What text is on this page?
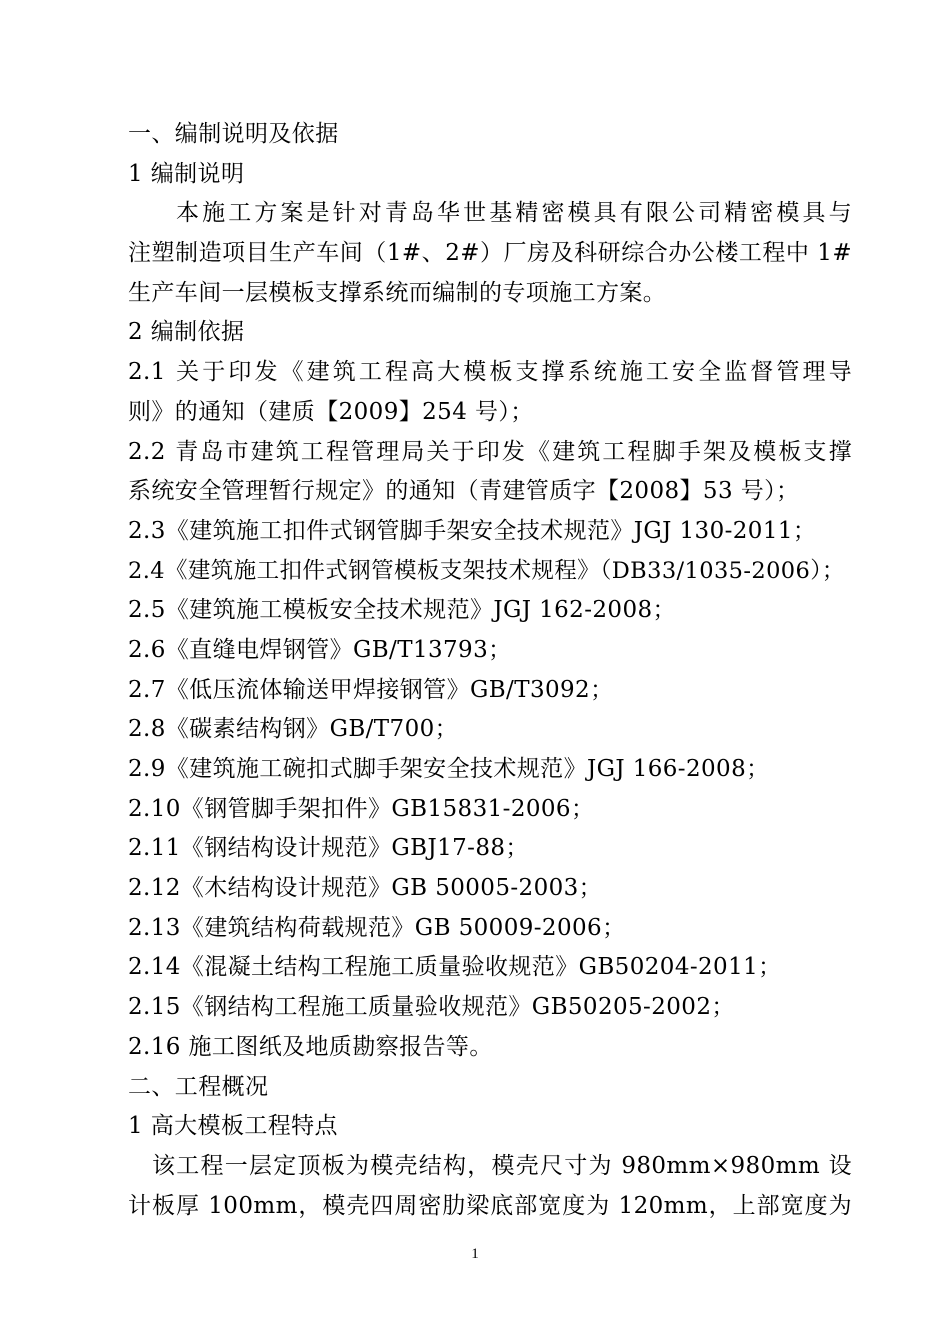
一、编制说明及依据
1 编制说明
本施工方案是针对青岛华世基精密模具有限公司精密模具与
注塑制造项目生产车间（1#、2#）厂房及科研综合办公楼工程中 1#
生产车间一层模板支撑系统而编制的专项施工方案。
2 编制依据
2.1 关于印发《建筑工程高大模板支撑系统施工安全监督管理导
则》的通知（建质【2009】254 号）；
2.2 青岛市建筑工程管理局关于印发《建筑工程脚手架及模板支撑
系统安全管理暂行规定》的通知（青建管质字【2008】53 号）；
2.3《建筑施工扣件式钢管脚手架安全技术规范》JGJ 130-2011；
2.4《建筑施工扣件式钢管模板支架技术规程》（DB33/1035-2006）；
2.5《建筑施工模板安全技术规范》JGJ 162-2008；
2.6《直缝电焊钢管》GB/T13793；
2.7《低压流体输送甲焊接钢管》GB/T3092；
2.8《碳素结构钢》GB/T700；
2.9《建筑施工碗扣式脚手架安全技术规范》JGJ 166-2008；
2.10《钢管脚手架扣件》GB15831-2006；
2.11《钢结构设计规范》GBJ17-88；
2.12《木结构设计规范》GB 50005-2003；
2.13《建筑结构荷载规范》GB 50009-2006；
2.14《混凝土结构工程施工质量验收规范》GB50204-2011；
2.15《钢结构工程施工质量验收规范》GB50205-2002；
2.16 施工图纸及地质勘察报告等。
二、工程概况
1 高大模板工程特点
该工程一层定顶板为模壳结构，模壳尺寸为 980mm×980mm 设
计板厚 100mm，模壳四周密肋梁底部宽度为 120mm，上部宽度为
1
